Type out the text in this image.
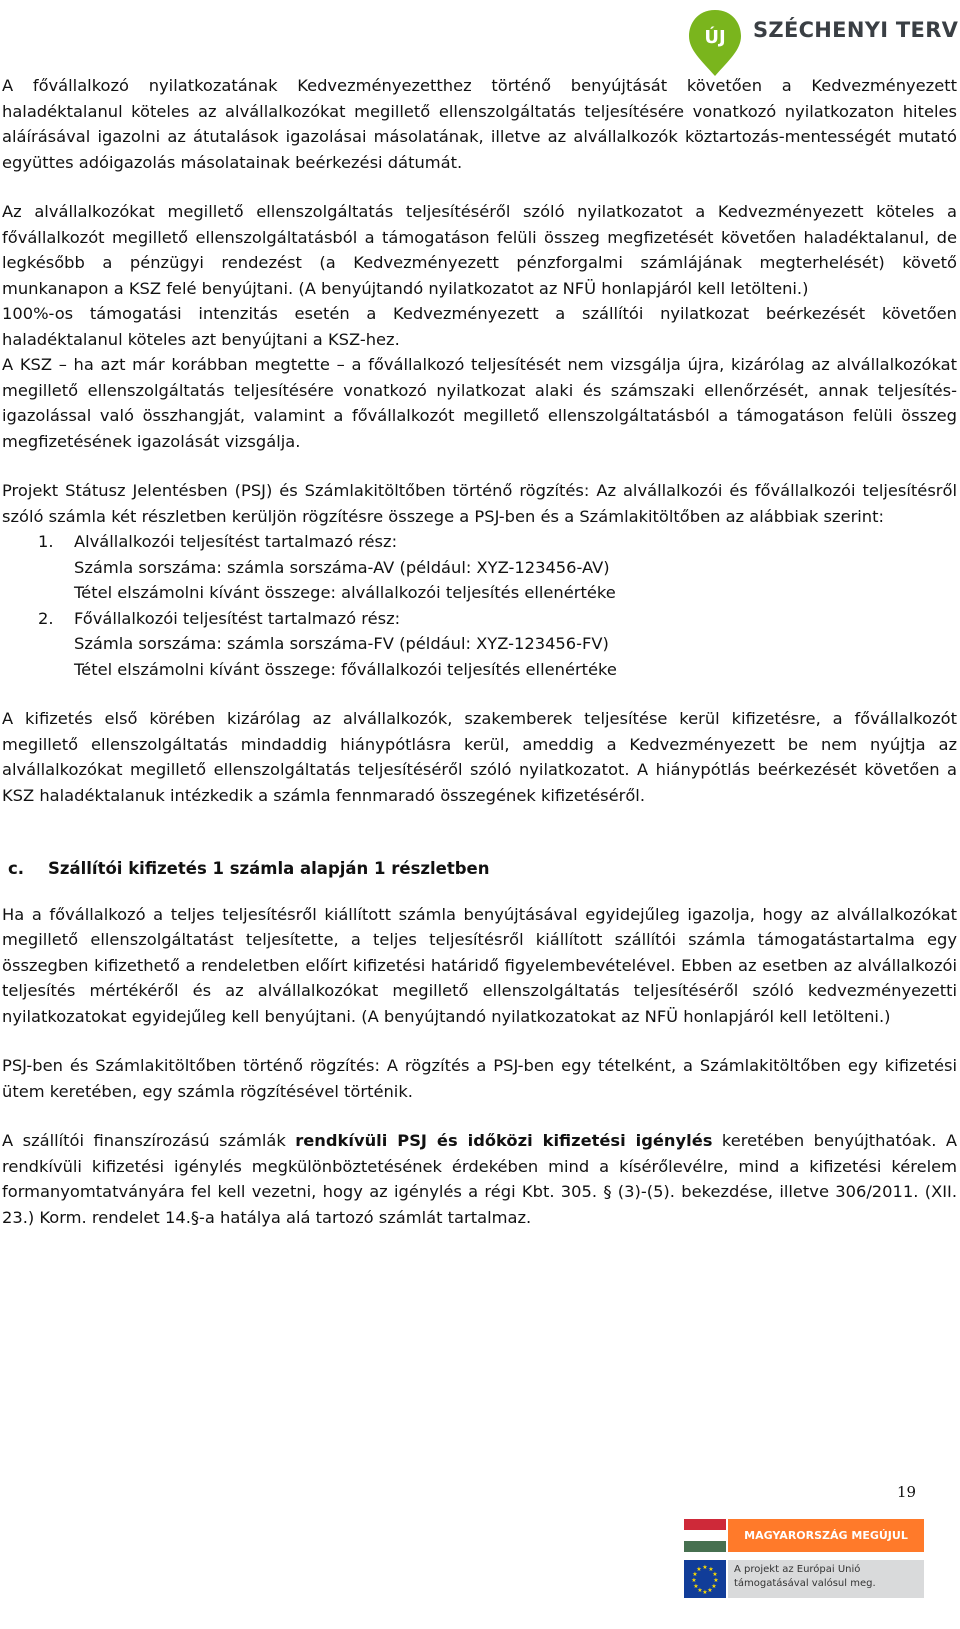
ÚJ SZÉCHENYI TERV

A fővállalkozó nyilatkozatának Kedvezményezetthez történő benyújtását követően a Kedvezményezett haladéktalanul köteles az alvállalkozókat megillető ellenszolgáltatás teljesítésére vonatkozó nyilatkozaton hiteles aláírásával igazolni az átutalások igazolásai másolatának, illetve az alvállalkozók köztartozás-mentességét mutató együttes adóigazolás másolatainak beérkezési dátumát.

Az alvállalkozókat megillető ellenszolgáltatás teljesítéséről szóló nyilatkozatot a Kedvezményezett köteles a fővállalkozót megillető ellenszolgáltatásból a támogatáson felüli összeg megfizetését követően haladéktalanul, de legkésőbb a pénzügyi rendezést (a Kedvezményezett pénzforgalmi számlájának megterhelését) követő munkanapon a KSZ felé benyújtani. (A benyújtandó nyilatkozatot az NFÜ honlapjáról kell letölteni.)

100%-os támogatási intenzitás esetén a Kedvezményezett a szállítói nyilatkozat beérkezését követően haladéktalanul köteles azt benyújtani a KSZ-hez.

A KSZ – ha azt már korábban megtette – a fővállalkozó teljesítését nem vizsgálja újra, kizárólag az alvállalkozókat megillető ellenszolgáltatás teljesítésére vonatkozó nyilatkozat alaki és számszaki ellenőrzését, annak teljesítés-igazolással való összhangját, valamint a fővállalkozót megillető ellenszolgáltatásból a támogatáson felüli összeg megfizetésének igazolását vizsgálja.

Projekt Státusz Jelentésben (PSJ) és Számlakitöltőben történő rögzítés: Az alvállalkozói és fővállalkozói teljesítésről szóló számla két részletben kerüljön rögzítésre összege a PSJ-ben és a Számlakitöltőben az alábbiak szerint:

1. Alvállalkozói teljesítést tartalmazó rész:
Számla sorszáma: számla sorszáma-AV (például: XYZ-123456-AV)
Tétel elszámolni kívánt összege: alvállalkozói teljesítés ellenértéke
2. Fővállalkozói teljesítést tartalmazó rész:
Számla sorszáma: számla sorszáma-FV (például: XYZ-123456-FV)
Tétel elszámolni kívánt összege: fővállalkozói teljesítés ellenértéke

A kifizetés első körében kizárólag az alvállalkozók, szakemberek teljesítése kerül kifizetésre, a fővállalkozót megillető ellenszolgáltatás mindaddig hiánypótlásra kerül, ameddig a Kedvezményezett be nem nyújtja az alvállalkozókat megillető ellenszolgáltatás teljesítéséről szóló nyilatkozatot. A hiánypótlás beérkezését követően a KSZ haladéktalanuk intézkedik a számla fennmaradó összegének kifizetéséről.

c. Szállítói kifizetés 1 számla alapján 1 részletben

Ha a fővállalkozó a teljes teljesítésről kiállított számla benyújtásával egyidejűleg igazolja, hogy az alvállalkozókat megillető ellenszolgáltatást teljesítette, a teljes teljesítésről kiállított szállítói számla támogatástartalma egy összegben kifizethető a rendeletben előírt kifizetési határidő figyelembevételével. Ebben az esetben az alvállalkozói teljesítés mértékéről és az alvállalkozókat megillető ellenszolgáltatás teljesítéséről szóló kedvezményezetti nyilatkozatokat egyidejűleg kell benyújtani. (A benyújtandó nyilatkozatokat az NFÜ honlapjáról kell letölteni.)

PSJ-ben és Számlakitöltőben történő rögzítés: A rögzítés a PSJ-ben egy tételként, a Számlakitöltőben egy kifizetési ütem keretében, egy számla rögzítésével történik.

A szállítói finanszírozású számlák rendkívüli PSJ és időközi kifizetési igénylés keretében benyújthatóak. A rendkívüli kifizetési igénylés megkülönböztetésének érdekében mind a kísérőlevélre, mind a kifizetési kérelem formanyomtatványára fel kell vezetni, hogy az igénylés a régi Kbt. 305. § (3)-(5). bekezdése, illetve 306/2011. (XII. 23.) Korm. rendelet 14.§-a hatálya alá tartozó számlát tartalmaz.

19
MAGYARORSZÁG MEGÚJUL
★ ★
★
★
★
★
★
★
★
★
★
★	A projekt az Európai Unió
támogatásával valósul meg.
